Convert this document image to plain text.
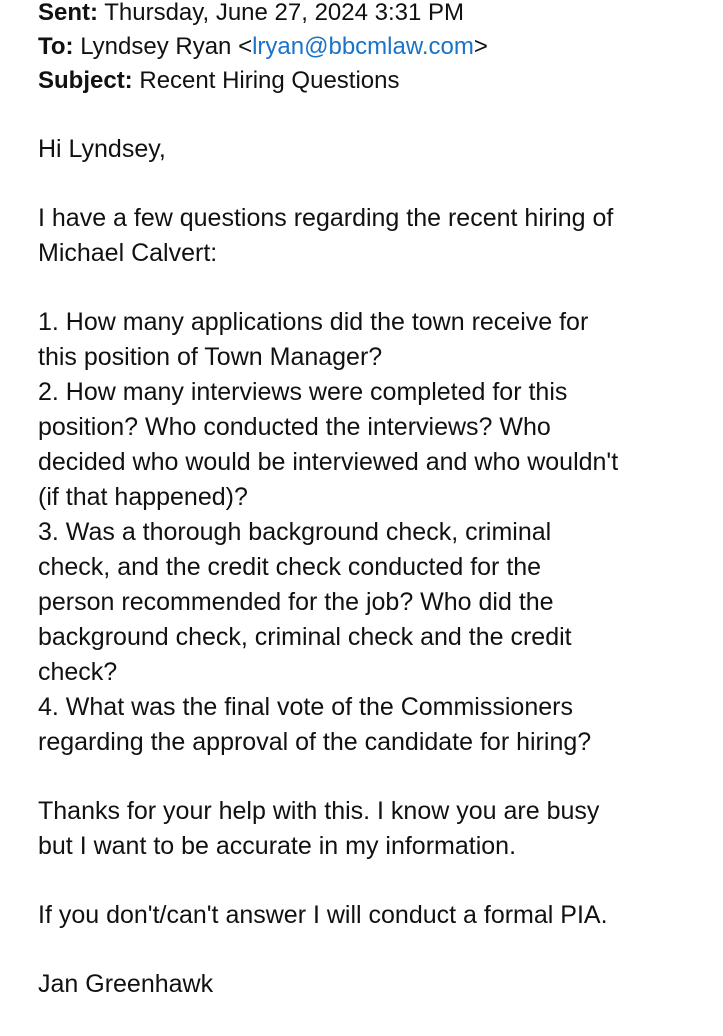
Sent: Thursday, June 27, 2024 3:31 PM
To: Lyndsey Ryan <lryan@bbcmlaw.com>
Subject: Recent Hiring Questions

Hi Lyndsey,

I have a few questions regarding the recent hiring of
Michael Calvert:

1. How many applications did the town receive for
this position of Town Manager?
2. How many interviews were completed for this
position? Who conducted the interviews? Who
decided who would be interviewed and who wouldn't
(if that happened)?
3. Was a thorough background check, criminal
check, and the credit check conducted for the
person recommended for the job? Who did the
background check, criminal check and the credit
check?
4. What was the final vote of the Commissioners
regarding the approval of the candidate for hiring?

Thanks for your help with this. I know you are busy
but I want to be accurate in my information.

If you don't/can't answer I will conduct a formal PIA.

Jan Greenhawk
